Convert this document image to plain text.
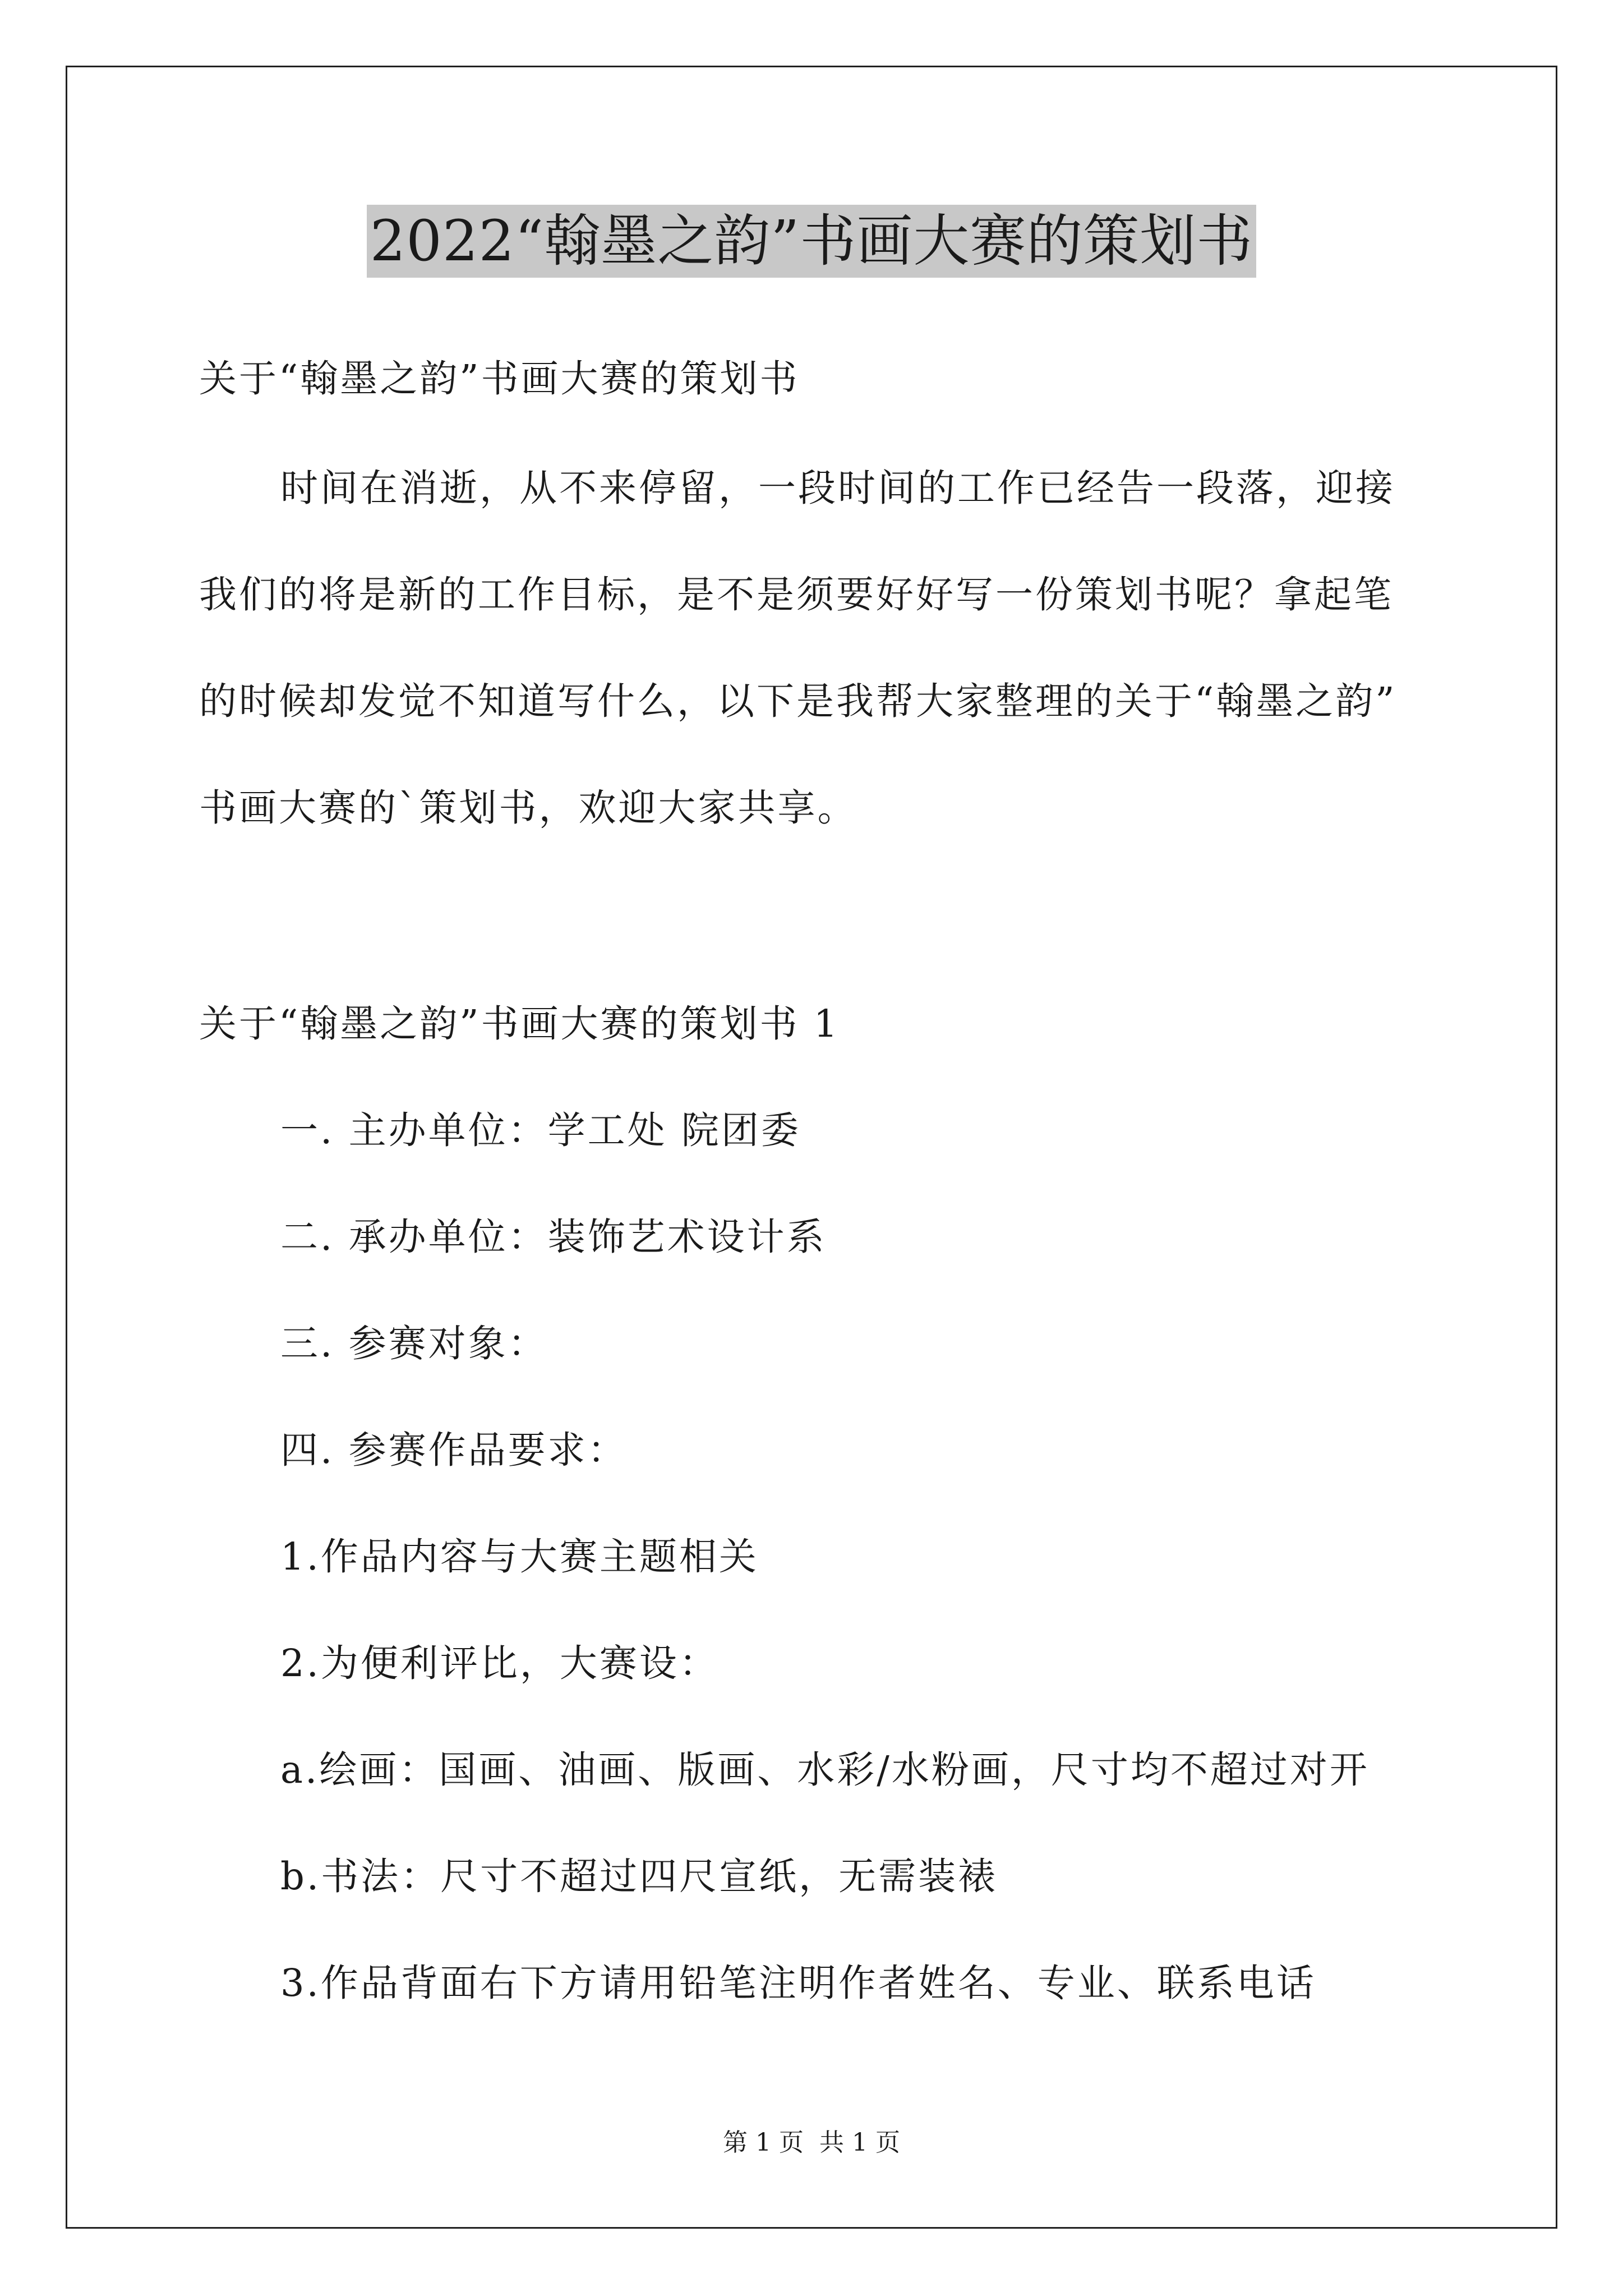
2022“翰墨之韵”书画大赛的策划书
关于“翰墨之韵”书画大赛的策划书
时间在消逝，从不来停留，一段时间的工作已经告一段落，迎接
我们的将是新的工作目标，是不是须要好好写一份策划书呢？拿起笔
的时候却发觉不知道写什么，以下是我帮大家整理的关于“翰墨之韵”
书画大赛的`策划书，欢迎大家共享。
关于“翰墨之韵”书画大赛的策划书 1
一. 主办单位：学工处 院团委
二. 承办单位：装饰艺术设计系
三. 参赛对象：
四. 参赛作品要求：
1.作品内容与大赛主题相关
2.为便利评比，大赛设：
a.绘画：国画、油画、版画、水彩/水粉画，尺寸均不超过对开
b.书法：尺寸不超过四尺宣纸，无需装裱
3.作品背面右下方请用铅笔注明作者姓名、专业、联系电话
第 1 页 共 1 页
